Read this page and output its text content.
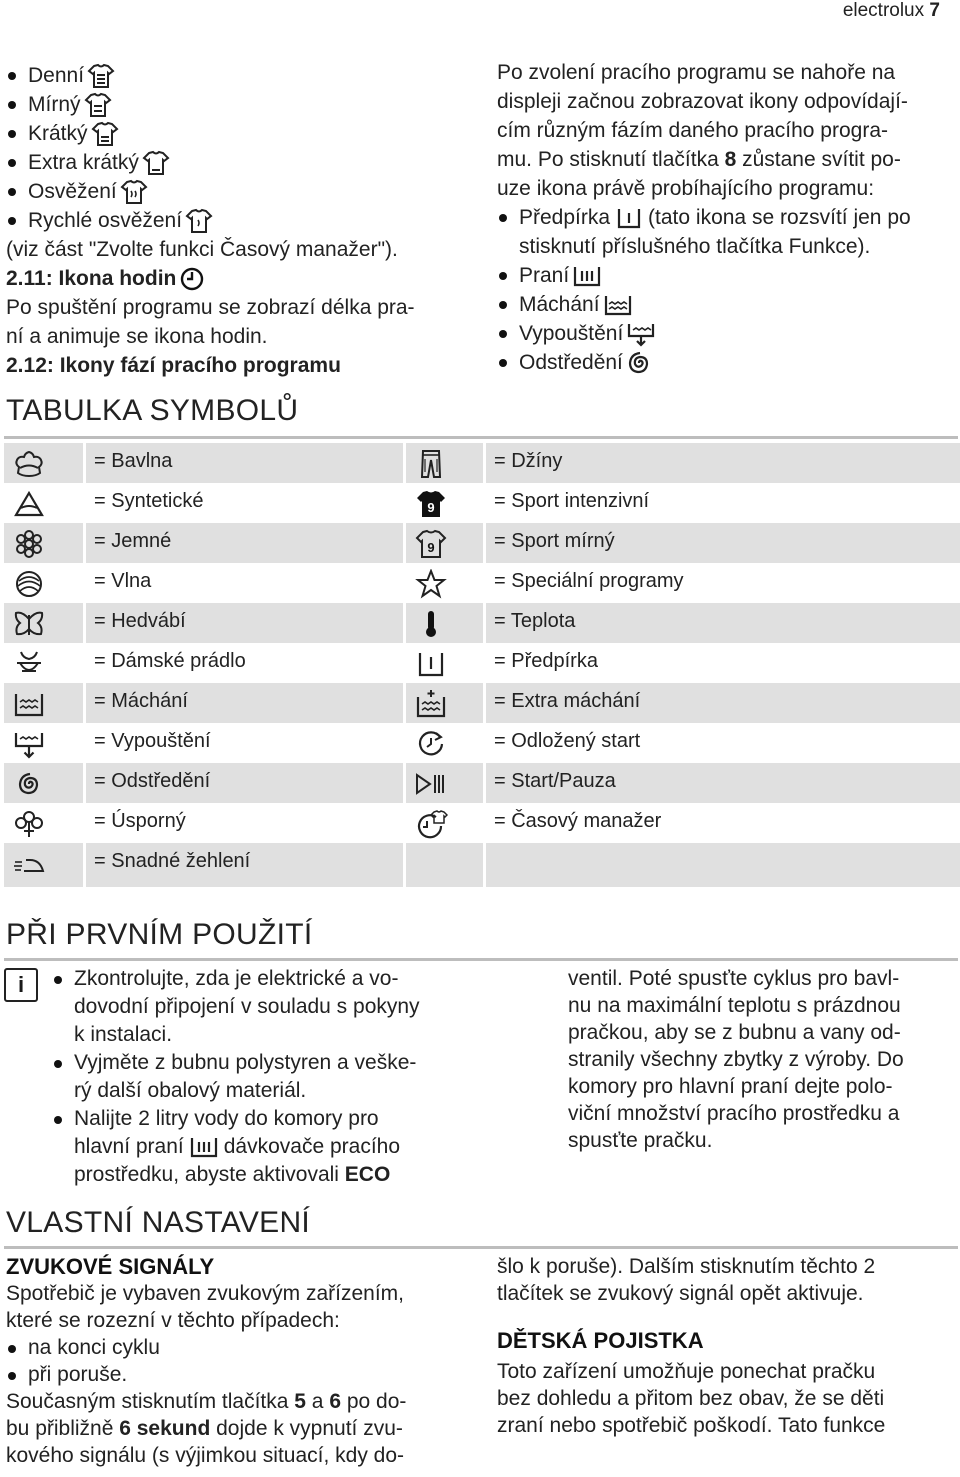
electrolux 7
Denní
Mírný
Krátký
Extra krátký
Osvěžení
Rychlé osvěžení
(viz část "Zvolte funkci Časový manažer").
2.11: Ikona hodin
Po spuštění programu se zobrazí délka pra-
ní a animuje se ikona hodin.
2.12: Ikony fází pracího programu
Po zvolení pracího programu se nahoře na
displeji začnou zobrazovat ikony odpovídají-
cím různým fázím daného pracího progra-
mu. Po stisknutí tlačítka 8 zůstane svítit po-
uze ikona právě probíhajícího programu:
Předpírka (tato ikona se rozsvítí jen po
stisknutí příslušného tlačítka Funkce).
Praní
Máchání
Vypouštění
Odstředění
TABULKA SYMBOLŮ
= Bavlna	= Džíny
= Syntetické	9	= Sport intenzivní
= Jemné	9	= Sport mírný
= Vlna	= Speciální programy
= Hedvábí	= Teplota
= Dámské prádlo	= Předpírka
= Máchání	= Extra máchání
= Vypouštění	= Odložený start
= Odstředění	= Start/Pauza
= Úsporný	= Časový manažer
= Snadné žehlení
PŘI PRVNÍM POUŽITÍ
i	Zkontrolujte, zda je elektrické a vo-
dovodní připojení v souladu s pokyny
k instalaci.
Vyjměte z bubnu polystyren a veške-
rý další obalový materiál.
Nalijte 2 litry vody do komory pro
hlavní praní dávkovače pracího
prostředku, abyste aktivovali ECO
ventil. Poté spusťte cyklus pro bavl-
nu na maximální teplotu s prázdnou
pračkou, aby se z bubnu a vany od-
stranily všechny zbytky z výroby. Do
komory pro hlavní praní dejte polo-
viční množství pracího prostředku a
spusťte pračku.
VLASTNÍ NASTAVENÍ
ZVUKOVÉ SIGNÁLY
Spotřebič je vybaven zvukovým zařízením,
které se rozezní v těchto případech:
na konci cyklu
při poruše.
Současným stisknutím tlačítka 5 a 6 po do-
bu přibližně 6 sekund dojde k vypnutí zvu-
kového signálu (s výjimkou situací, kdy do-
šlo k poruše). Dalším stisknutím těchto 2
tlačítek se zvukový signál opět aktivuje.
DĚTSKÁ POJISTKA
Toto zařízení umožňuje ponechat pračku
bez dohledu a přitom bez obav, že se děti
zraní nebo spotřebič poškodí. Tato funkce
